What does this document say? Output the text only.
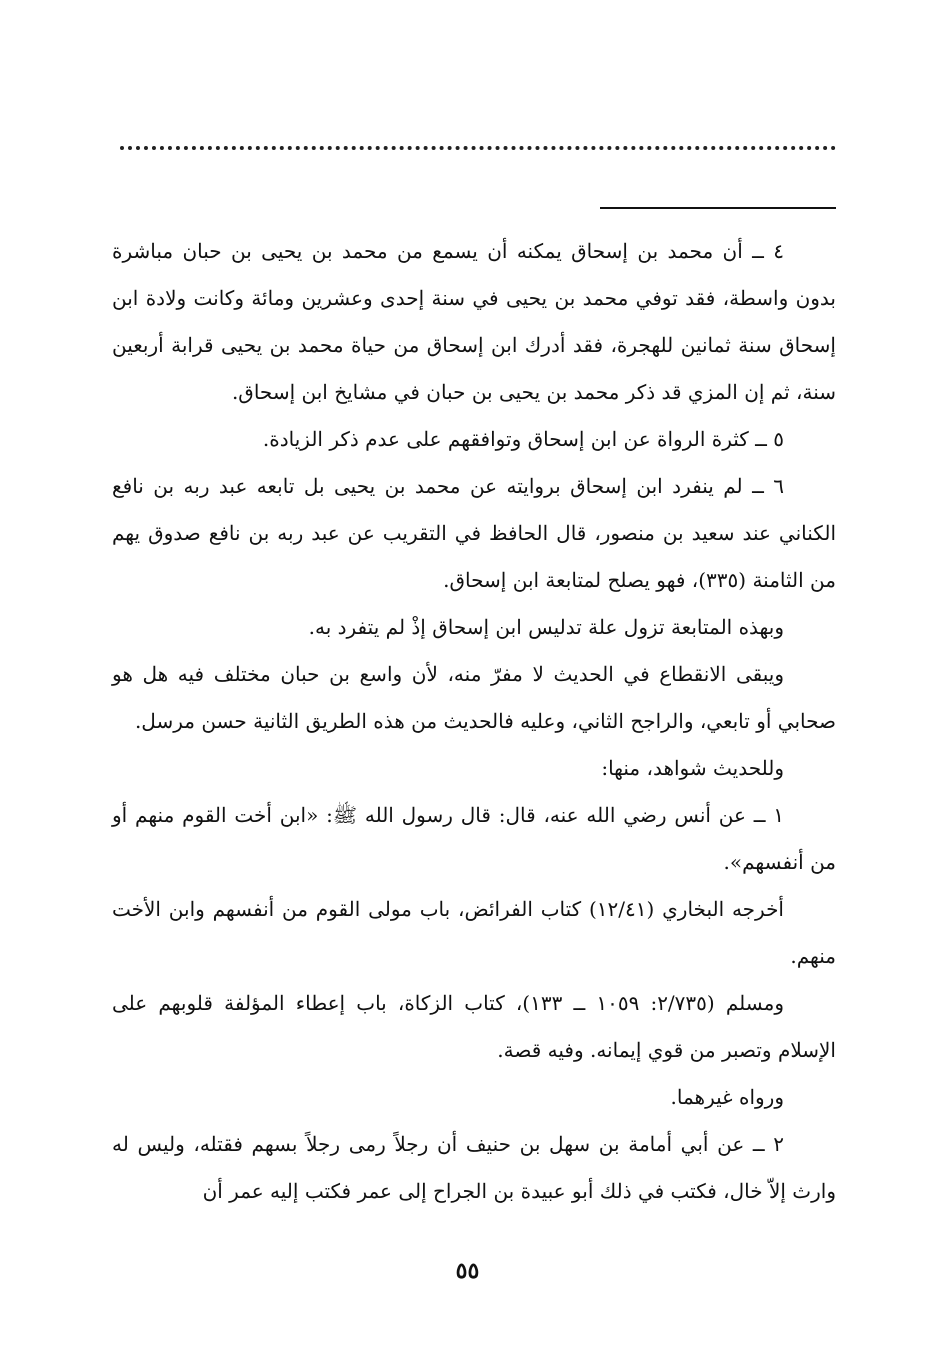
٤ ــ أن محمد بن إسحاق يمكنه أن يسمع من محمد بن يحيى بن حبان مباشرة بدون واسطة، فقد توفي محمد بن يحيى في سنة إحدى وعشرين ومائة وكانت ولادة ابن إسحاق سنة ثمانين للهجرة، فقد أدرك ابن إسحاق من حياة محمد بن يحيى قرابة أربعين سنة، ثم إن المزي قد ذكر محمد بن يحيى بن حبان في مشايخ ابن إسحاق.

٥ ــ كثرة الرواة عن ابن إسحاق وتوافقهم على عدم ذكر الزيادة.

٦ ــ لم ينفرد ابن إسحاق بروايته عن محمد بن يحيى بل تابعه عبد ربه بن نافع الكناني عند سعيد بن منصور، قال الحافظ في التقريب عن عبد ربه بن نافع صدوق يهم من الثامنة (٣٣٥)، فهو يصلح لمتابعة ابن إسحاق.

وبهذه المتابعة تزول علة تدليس ابن إسحاق إذْ لم يتفرد به.

ويبقى الانقطاع في الحديث لا مفرّ منه، لأن واسع بن حبان مختلف فيه هل هو صحابي أو تابعي، والراجح الثاني، وعليه فالحديث من هذه الطريق الثانية حسن مرسل.

وللحديث شواهد، منها:

١ ــ عن أنس رضي الله عنه، قال: قال رسول الله ﷺ: «ابن أخت القوم منهم أو من أنفسهم».

أخرجه البخاري (١٢/٤١) كتاب الفرائض، باب مولى القوم من أنفسهم وابن الأخت منهم.

ومسلم (٢/٧٣٥: ١٠٥٩ ــ ١٣٣)، كتاب الزكاة، باب إعطاء المؤلفة قلوبهم على الإسلام وتصبر من قوي إيمانه. وفيه قصة.

ورواه غيرهما.

٢ ــ عن أبي أمامة بن سهل بن حنيف أن رجلاً رمى رجلاً بسهم فقتله، وليس له وارث إلاّ خال، فكتب في ذلك أبو عبيدة بن الجراح إلى عمر فكتب إليه عمر أن

٥٥
